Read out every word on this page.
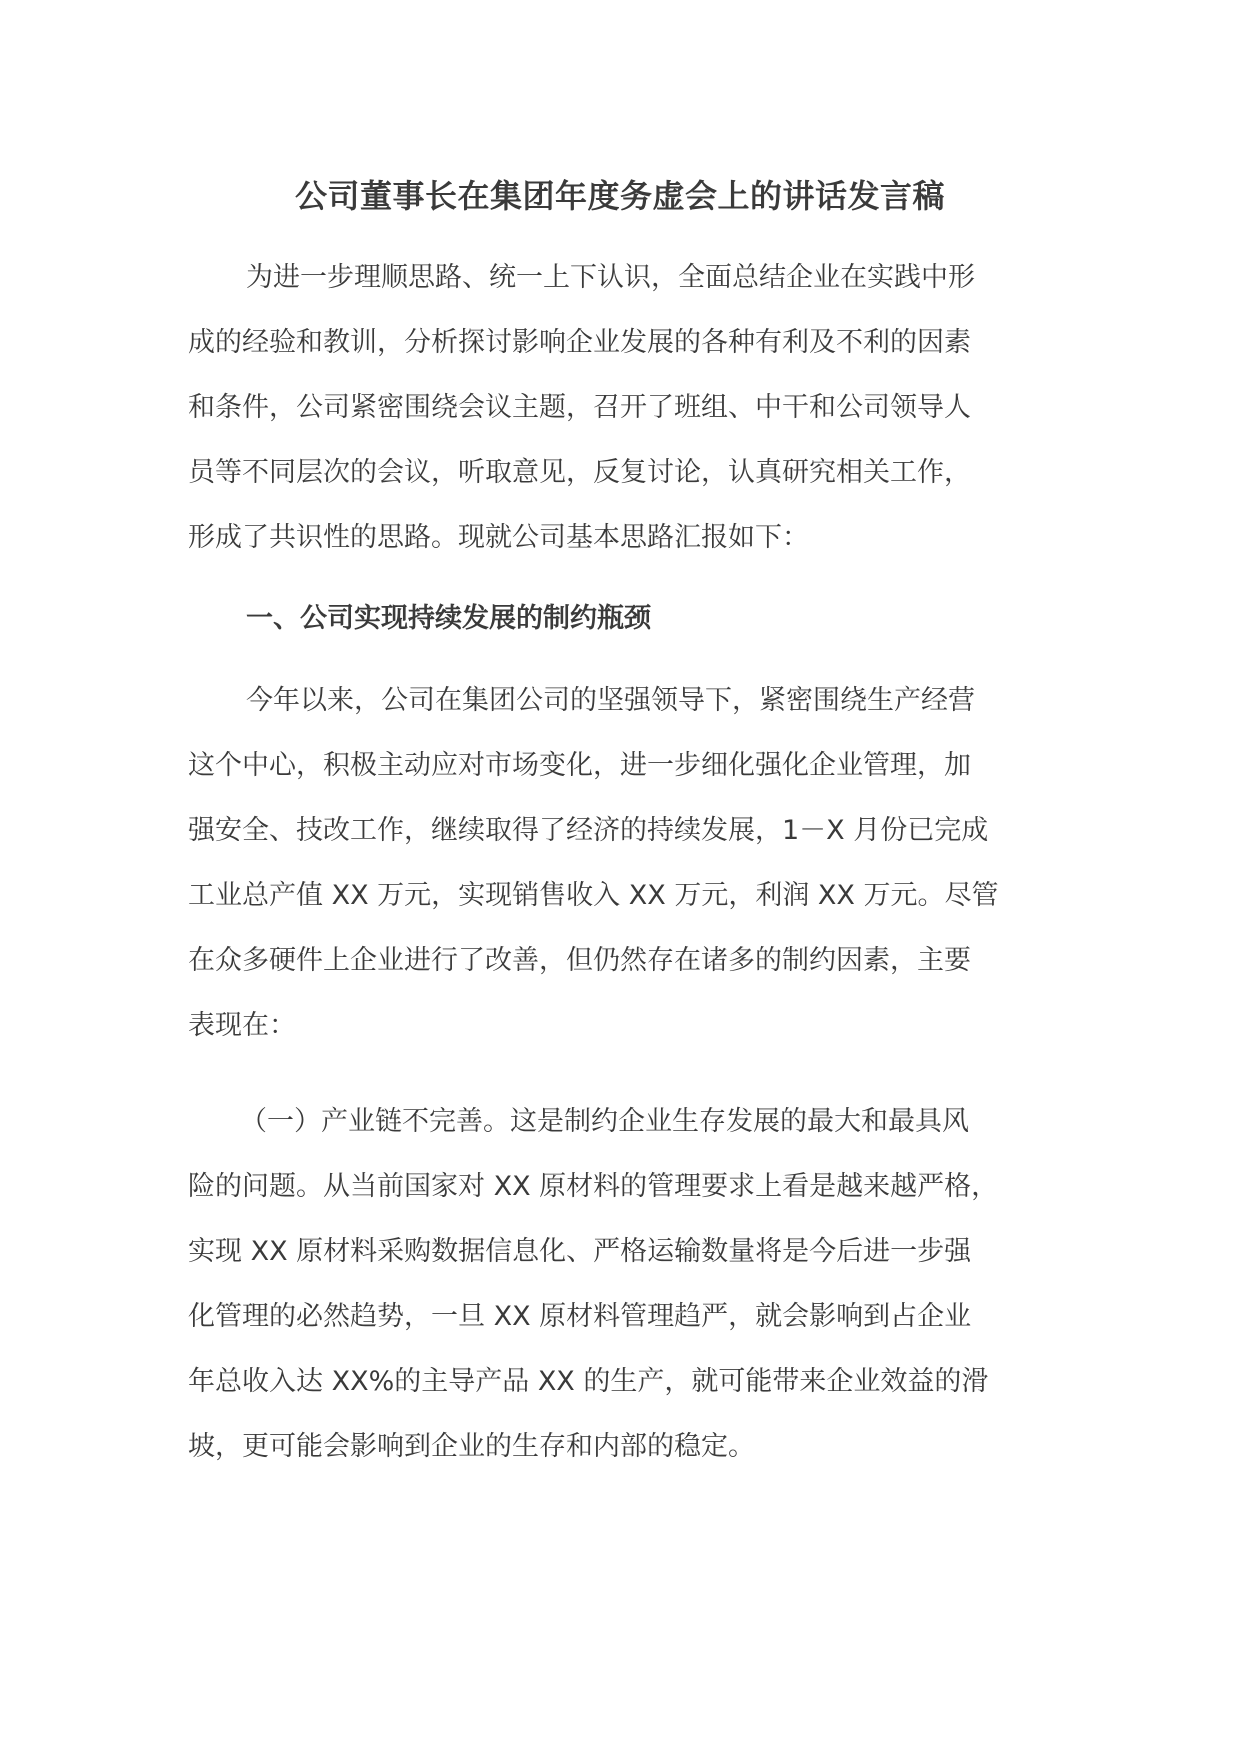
公司董事长在集团年度务虚会上的讲话发言稿

为进一步理顺思路、统一上下认识，全面总结企业在实践中形
成的经验和教训，分析探讨影响企业发展的各种有利及不利的因素
和条件，公司紧密围绕会议主题，召开了班组、中干和公司领导人
员等不同层次的会议，听取意见，反复讨论，认真研究相关工作，
形成了共识性的思路。现就公司基本思路汇报如下：

一、公司实现持续发展的制约瓶颈

今年以来，公司在集团公司的坚强领导下，紧密围绕生产经营
这个中心，积极主动应对市场变化，进一步细化强化企业管理，加
强安全、技改工作，继续取得了经济的持续发展，1－X 月份已完成
工业总产值 XX 万元，实现销售收入 XX 万元，利润 XX 万元。尽管
在众多硬件上企业进行了改善，但仍然存在诸多的制约因素，主要
表现在：

（一）产业链不完善。这是制约企业生存发展的最大和最具风
险的问题。从当前国家对 XX 原材料的管理要求上看是越来越严格，
实现 XX 原材料采购数据信息化、严格运输数量将是今后进一步强
化管理的必然趋势，一旦 XX 原材料管理趋严，就会影响到占企业
年总收入达 XX%的主导产品 XX 的生产，就可能带来企业效益的滑
坡，更可能会影响到企业的生存和内部的稳定。
